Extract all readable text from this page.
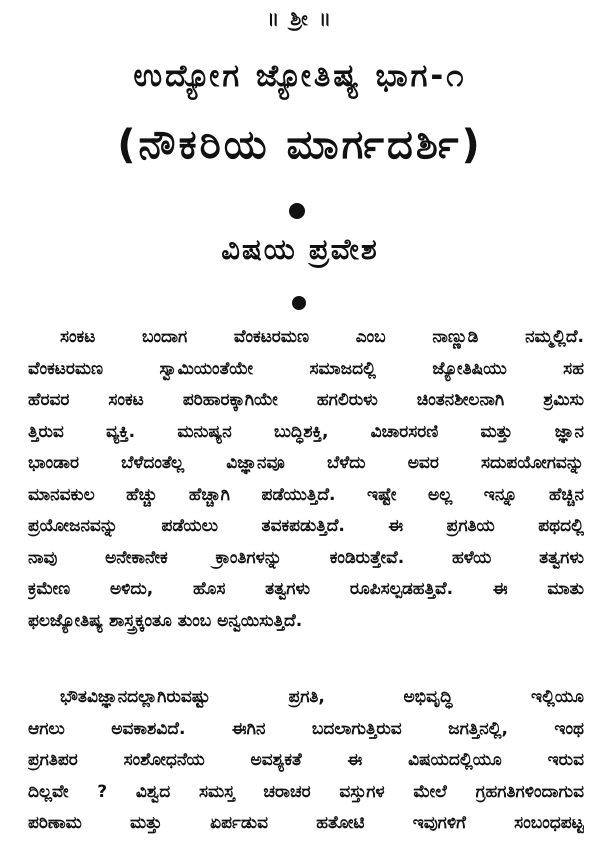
॥ ಶ್ರೀ ॥
ಉದ್ಯೋಗ ಜ್ಯೋತಿಷ್ಯ ಭಾಗ-೧
(ನೌಕರಿಯ ಮಾರ್ಗದರ್ಶಿ)
ವಿಷಯ ಪ್ರವೇಶ
ಸಂಕಟ ಬಂದಾಗ ವೆಂಕಟರಮಣ ಎಂಬ ನಾಣ್ಣುಡಿ ನಮ್ಮಲ್ಲಿದೆ.
ವೆಂಕಟರಮಣ ಸ್ವಾಮಿಯಂತೆಯೇ ಸಮಾಜದಲ್ಲಿ ಜ್ಯೋತಿಷಿಯು ಸಹ
ಹೆರವರ ಸಂಕಟ ಪರಿಹಾರಕ್ಕಾಗಿಯೇ ಹಗಲಿರುಳು ಚಿಂತನಶೀಲನಾಗಿ ಶ್ರಮಿಸು
ತ್ತಿರುವ ವ್ಯಕ್ತಿ. ಮನುಷ್ಯನ ಬುದ್ಧಿಶಕ್ತಿ, ವಿಚಾರಸರಣಿ ಮತ್ತು ಜ್ಞಾನ
ಭಾಂಡಾರ ಬೆಳೆದಂತೆಲ್ಲ ವಿಜ್ಞಾನವೂ ಬೆಳೆದು ಅವರ ಸದುಪಯೋಗವನ್ನು
ಮಾನವಕುಲ ಹೆಚ್ಚು ಹೆಚ್ಚಾಗಿ ಪಡೆಯುತ್ತಿದೆ. ಇಷ್ಟೇ ಅಲ್ಲ ಇನ್ನೂ ಹೆಚ್ಚಿನ
ಪ್ರಯೋಜನವನ್ನು ಪಡೆಯಲು ತವಕಪಡುತ್ತಿದೆ. ಈ ಪ್ರಗತಿಯ ಪಥದಲ್ಲಿ
ನಾವು ಅನೇಕಾನೇಕ ಕ್ರಾಂತಿಗಳನ್ನು ಕಂಡಿರುತ್ತೇವೆ. ಹಳೆಯ ತತ್ವಗಳು
ಕ್ರಮೇಣ ಅಳಿದು, ಹೊಸ ತತ್ವಗಳು ರೂಪಿಸಲ್ಪಡಹತ್ತಿವೆ. ಈ ಮಾತು
ಫಲಜ್ಯೋತಿಷ್ಯ ಶಾಸ್ತ್ರಕ್ಕಂತೂ ತುಂಬ ಅನ್ವಯಿಸುತ್ತಿದೆ.
ಭೌತವಿಜ್ಞಾನದಲ್ಲಾಗಿರುವಷ್ಟು ಪ್ರಗತಿ, ಅಭಿವೃದ್ಧಿ ಇಲ್ಲಿಯೂ
ಆಗಲು ಅವಕಾಶವಿದೆ. ಈಗಿನ ಬದಲಾಗುತ್ತಿರುವ ಜಗತ್ತಿನಲ್ಲಿ, ಇಂಥ
ಪ್ರಗತಿಪರ ಸಂಶೋಧನೆಯ ಅವಶ್ಯಕತೆ ಈ ವಿಷಯದಲ್ಲಿಯೂ ಇರುವ
ದಿಲ್ಲವೇ ? ವಿಶ್ವದ ಸಮಸ್ತ ಚರಾಚರ ವಸ್ತುಗಳ ಮೇಲೆ ಗ್ರಹಗತಿಗಳಿಂದಾಗುವ
ಪರಿಣಾಮ ಮತ್ತು ಏರ್ಪಡುವ ಹತೋಟಿ ಇವುಗಳಿಗೆ ಸಂಬಂಧಪಟ್ಟ
